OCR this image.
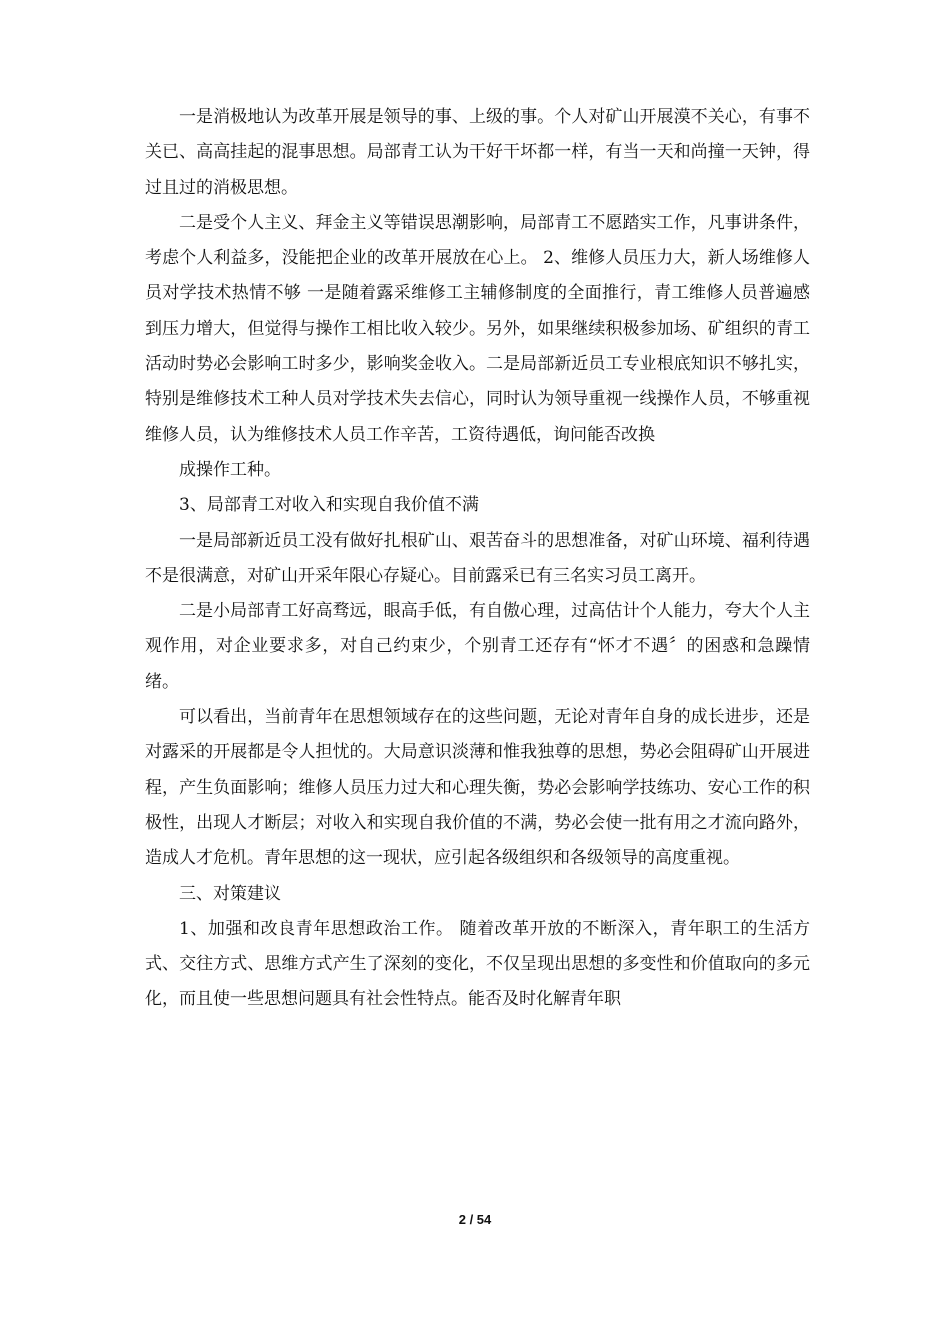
一是消极地认为改革开展是领导的事、上级的事。个人对矿山开展漠不关心，有事不关已、高高挂起的混事思想。局部青工认为干好干坏都一样，有当一天和尚撞一天钟，得过且过的消极思想。

二是受个人主义、拜金主义等错误思潮影响，局部青工不愿踏实工作，凡事讲条件，考虑个人利益多，没能把企业的改革开展放在心上。 2、维修人员压力大，新人场维修人员对学技术热情不够 一是随着露采维修工主辅修制度的全面推行，青工维修人员普遍感到压力增大，但觉得与操作工相比收入较少。另外，如果继续积极参加场、矿组织的青工活动时势必会影响工时多少，影响奖金收入。二是局部新近员工专业根底知识不够扎实，特别是维修技术工种人员对学技术失去信心，同时认为领导重视一线操作人员，不够重视维修人员，认为维修技术人员工作辛苦，工资待遇低，询问能否改换

成操作工种。

3、局部青工对收入和实现自我价值不满

一是局部新近员工没有做好扎根矿山、艰苦奋斗的思想准备，对矿山环境、福利待遇不是很满意，对矿山开采年限心存疑心。目前露采已有三名实习员工离开。

二是小局部青工好高骛远，眼高手低，有自傲心理，过高估计个人能力，夸大个人主观作用，对企业要求多，对自己约束少，个别青工还存有“怀才不遇〞的困惑和急躁情绪。

可以看出，当前青年在思想领域存在的这些问题，无论对青年自身的成长进步，还是对露采的开展都是令人担忧的。大局意识淡薄和惟我独尊的思想，势必会阻碍矿山开展进程，产生负面影响；维修人员压力过大和心理失衡，势必会影响学技练功、安心工作的积极性，出现人才断层；对收入和实现自我价值的不满，势必会使一批有用之才流向路外，造成人才危机。青年思想的这一现状，应引起各级组织和各级领导的高度重视。

三、对策建议

1、加强和改良青年思想政治工作。 随着改革开放的不断深入，青年职工的生活方式、交往方式、思维方式产生了深刻的变化，不仅呈现出思想的多变性和价值取向的多元化，而且使一些思想问题具有社会性特点。能否及时化解青年职

2 / 54
